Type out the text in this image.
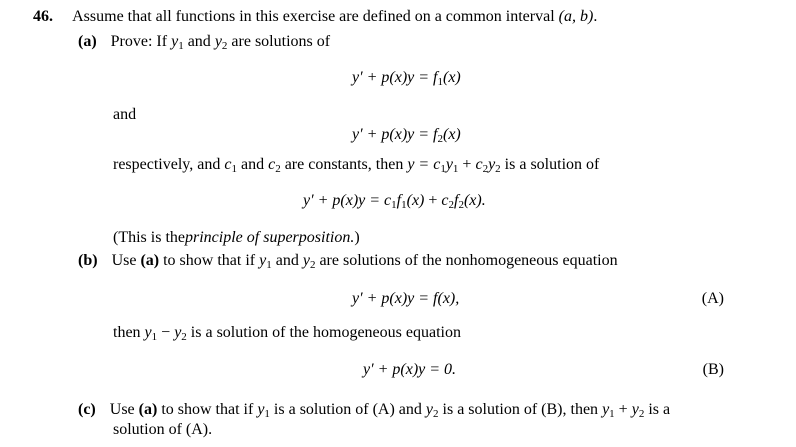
46. Assume that all functions in this exercise are defined on a common interval (a, b).
(a) Prove: If $y_1$ and $y_2$ are solutions of
$y' + p(x)y = f_1(x)$
and
$y' + p(x)y = f_2(x)$
respectively, and $c_1$ and $c_2$ are constants, then $y = c_1y_1 + c_2y_2$ is a solution of
$y' + p(x)y = c_1f_1(x) + c_2f_2(x)$.
(This is theprinciple of superposition.)
(b) Use (a) to show that if $y_1$ and $y_2$ are solutions of the nonhomogeneous equation
y′ + p(x)y = f(x),	(A)
then $y_1 - y_2$ is a solution of the homogeneous equation
y′ + p(x)y = 0.	(B)
(c) Use (a) to show that if $y_1$ is a solution of (A) and $y_2$ is a solution of (B), then $y_1 + y_2$ is a
solution of (A).
